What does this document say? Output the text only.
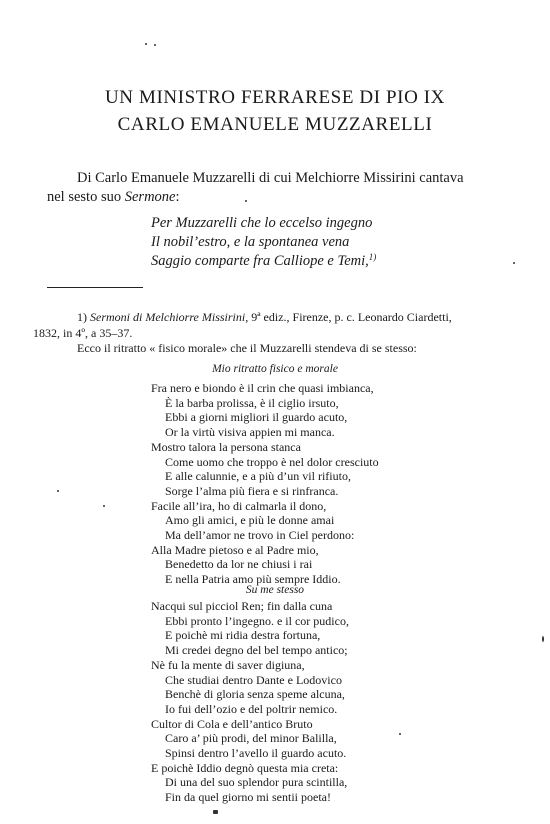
UN MINISTRO FERRARESE DI PIO IX
CARLO EMANUELE MUZZARELLI
Di Carlo Emanuele Muzzarelli di cui Melchiorre Missirini cantava
nel sesto suo Sermone:
Per Muzzarelli che lo eccelso ingegno
Il nobil’estro, e la spontanea vena
Saggio comparte fra Calliope e Temi,$^{1)}$
1) Sermoni di Melchiorre Missirini, 9ª ediz., Firenze, p. c. Leonardo Ciardetti,
1832, in 4º, a 35–37.
Ecco il ritratto « fisico morale» che il Muzzarelli stendeva di se stesso:
Mio ritratto fisico e morale
Fra nero e biondo è il crin che quasi imbianca,
È la barba prolissa, è il ciglio irsuto,
Ebbi a giorni migliori il guardo acuto,
Or la virtù visiva appien mi manca.
Mostro talora la persona stanca
Come uomo che troppo è nel dolor cresciuto
E alle calunnie, e a più d’un vil rifiuto,
Sorge l’alma più fiera e si rinfranca.
Facile all’ira, ho di calmarla il dono,
Amo gli amici, e più le donne amai
Ma dell’amor ne trovo in Ciel perdono:
Alla Madre pietoso e al Padre mio,
Benedetto da lor ne chiusi i rai
E nella Patria amo più sempre Iddio.
Su me stesso
Nacqui sul picciol Ren; fin dalla cuna
Ebbi pronto l’ingegno. e il cor pudico,
E poichè mi ridia destra fortuna,
Mi credei degno del bel tempo antico;
Nè fu la mente di saver digiuna,
Che studiai dentro Dante e Lodovico
Benchè di gloria senza speme alcuna,
Io fui dell’ozio e del poltrir nemico.
Cultor di Cola e dell’antico Bruto
Caro a’ più prodi, del minor Balilla,
Spinsi dentro l’avello il guardo acuto.
E poichè Iddio degnò questa mia creta:
Di una del suo splendor pura scintilla,
Fin da quel giorno mi sentii poeta!
